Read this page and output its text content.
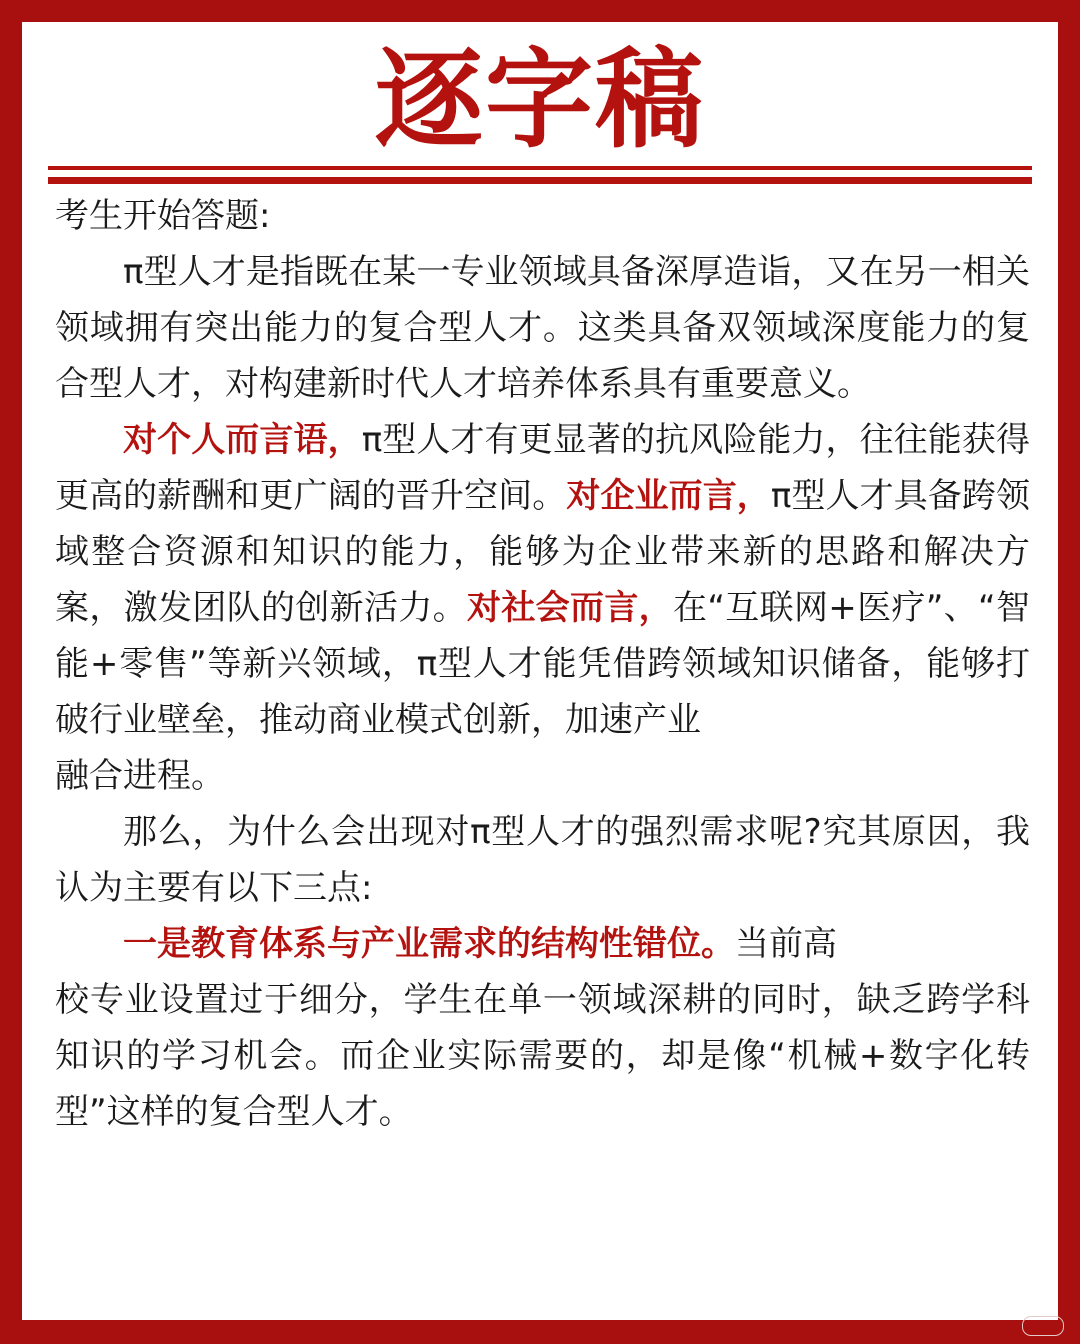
逐字稿

考生开始答题:

π型人才是指既在某一专业领域具备深厚造诣，又在另一相关领域拥有突出能力的复合型人才。这类具备双领域深度能力的复合型人才，对构建新时代人才培养体系具有重要意义。

对个人而言语，π型人才有更显著的抗风险能力，往往能获得更高的薪酬和更广阔的晋升空间。对企业而言，π型人才具备跨领域整合资源和知识的能力，能够为企业带来新的思路和解决方案，激发团队的创新活力。对社会而言，在“互联网+医疗”、“智能+零售”等新兴领域，π型人才能凭借跨领域知识储备，能够打破行业壁垒，推动商业模式创新，加速产业

融合进程。

那么，为什么会出现对π型人才的强烈需求呢?究其原因，我认为主要有以下三点:

一是教育体系与产业需求的结构性错位。当前高

校专业设置过于细分，学生在单一领域深耕的同时，缺乏跨学科知识的学习机会。而企业实际需要的，却是像“机械+数字化转型”这样的复合型人才。
